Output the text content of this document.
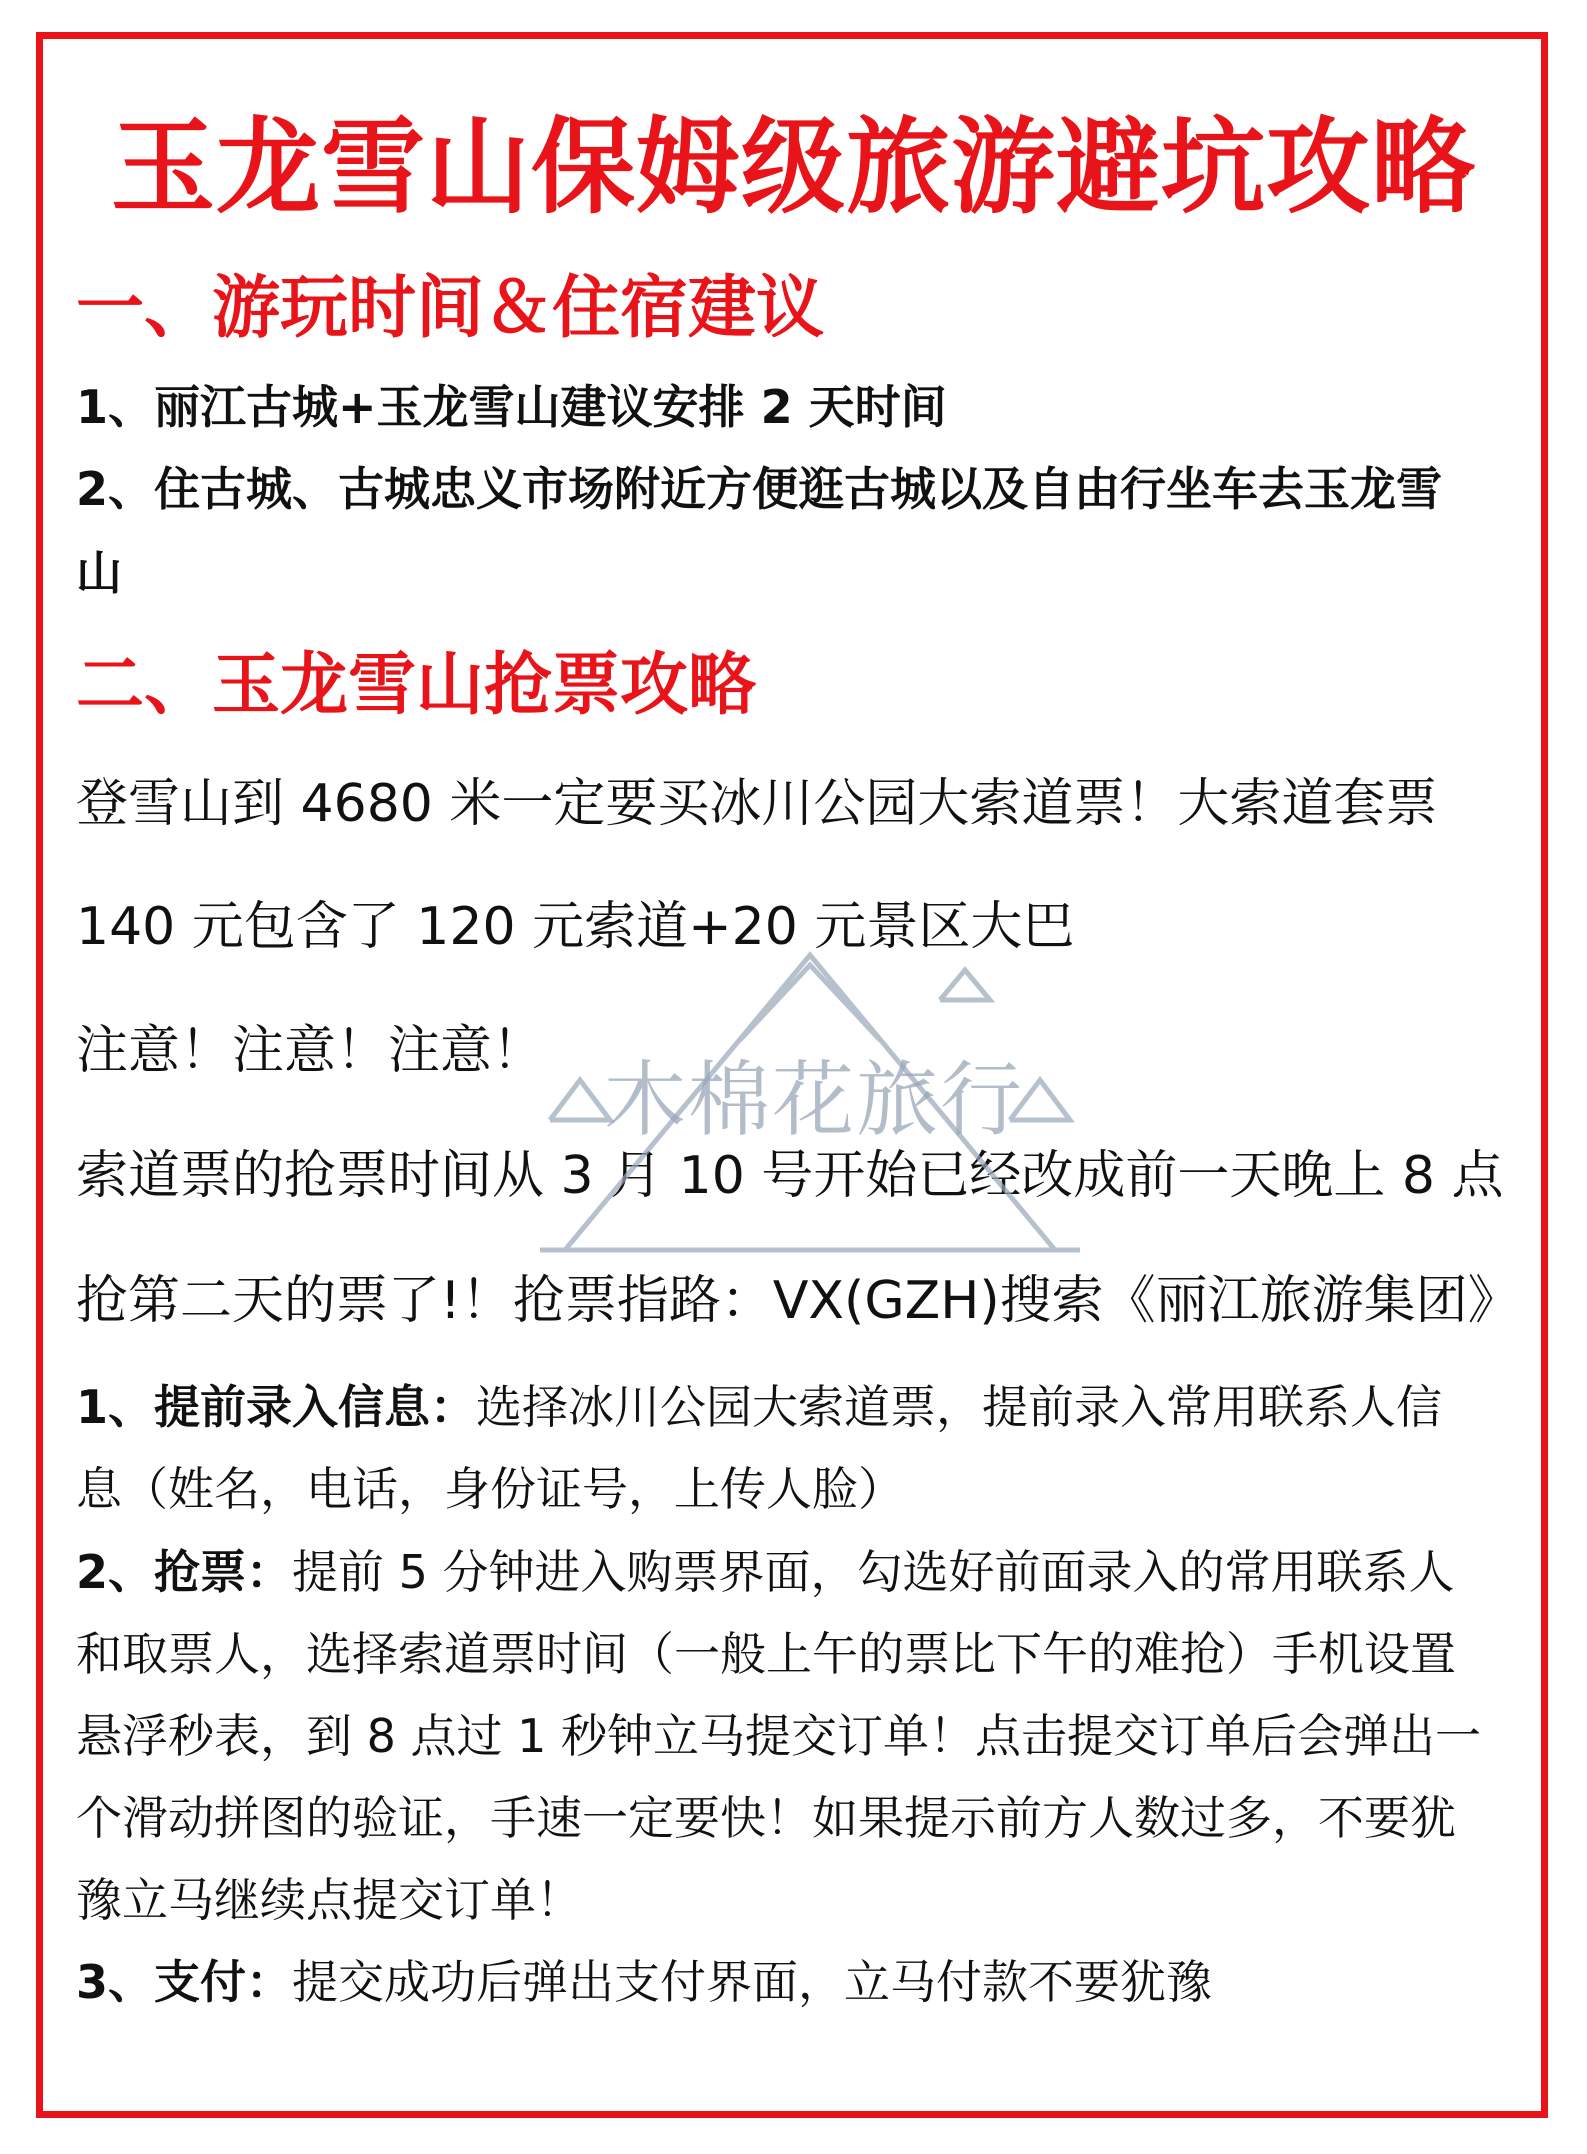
玉龙雪山保姆级旅游避坑攻略
一、游玩时间＆住宿建议
1、丽江古城+玉龙雪山建议安排 2 天时间
2、住古城、古城忠义市场附近方便逛古城以及自由行坐车去玉龙雪
山
二、玉龙雪山抢票攻略
登雪山到 4680 米一定要买冰川公园大索道票！大索道套票
140 元包含了 120 元索道+20 元景区大巴
注意！注意！注意！
索道票的抢票时间从 3 月 10 号开始已经改成前一天晚上 8 点
抢第二天的票了!！抢票指路：VX(GZH)搜索《丽江旅游集团》
1、提前录入信息：选择冰川公园大索道票，提前录入常用联系人信
息（姓名，电话，身份证号，上传人脸）
2、抢票：提前 5 分钟进入购票界面，勾选好前面录入的常用联系人
和取票人，选择索道票时间（一般上午的票比下午的难抢）手机设置
悬浮秒表，到 8 点过 1 秒钟立马提交订单！点击提交订单后会弹出一
个滑动拼图的验证，手速一定要快！如果提示前方人数过多，不要犹
豫立马继续点提交订单！
3、支付：提交成功后弹出支付界面，立马付款不要犹豫
木棉花旅行
